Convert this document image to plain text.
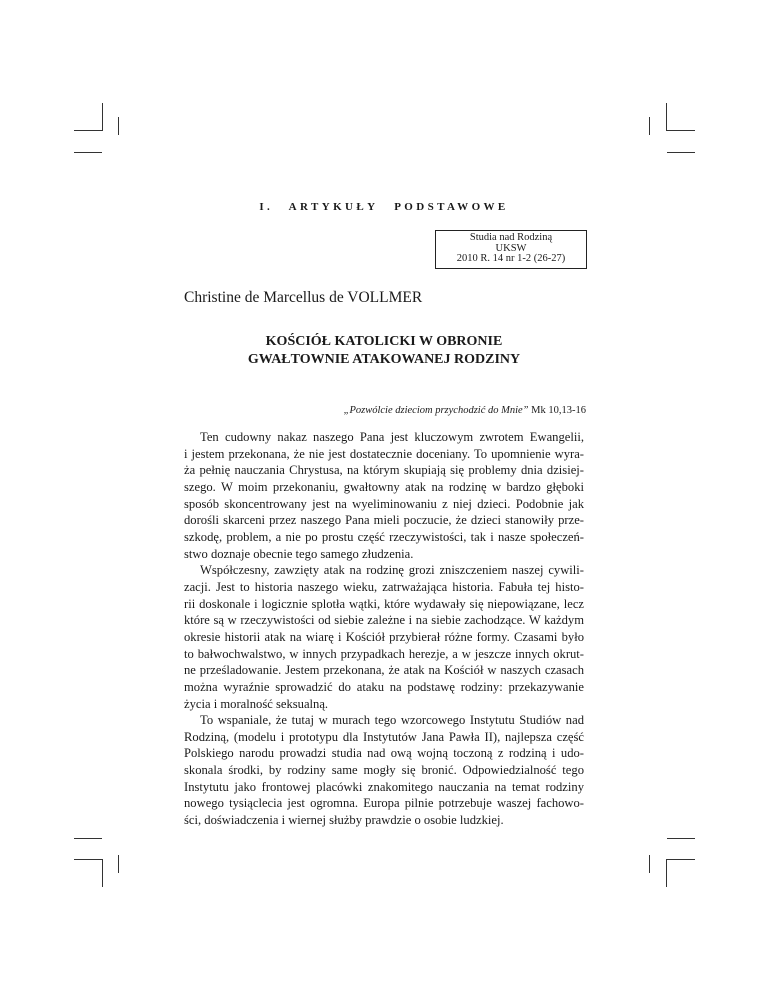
I. ARTYKUŁY PODSTAWOWE
Studia nad Rodziną
UKSW
2010 R. 14 nr 1-2 (26-27)
Christine de Marcellus de VOLLMER
KOŚCIÓŁ KATOLICKI W OBRONIE
GWAŁTOWNIE ATAKOWANEJ RODZINY
„Pozwólcie dzieciom przychodzić do Mnie” Mk 10,13-16

Ten cudowny nakaz naszego Pana jest kluczowym zwrotem Ewangelii,
i jestem przekonana, że nie jest dostatecznie doceniany. To upomnienie wyra-
ża pełnię nauczania Chrystusa, na którym skupiają się problemy dnia dzisiej-
szego. W moim przekonaniu, gwałtowny atak na rodzinę w bardzo głęboki
sposób skoncentrowany jest na wyeliminowaniu z niej dzieci. Podobnie jak
dorośli skarceni przez naszego Pana mieli poczucie, że dzieci stanowiły prze-
szkodę, problem, a nie po prostu część rzeczywistości, tak i nasze społeczeń-
stwo doznaje obecnie tego samego złudzenia.

Współczesny, zawzięty atak na rodzinę grozi zniszczeniem naszej cywili-
zacji. Jest to historia naszego wieku, zatrważająca historia. Fabuła tej histo-
rii doskonale i logicznie splotła wątki, które wydawały się niepowiązane, lecz
które są w rzeczywistości od siebie zależne i na siebie zachodzące. W każdym
okresie historii atak na wiarę i Kościół przybierał różne formy. Czasami było
to bałwochwalstwo, w innych przypadkach herezje, a w jeszcze innych okrut-
ne prześladowanie. Jestem przekonana, że atak na Kościół w naszych czasach
można wyraźnie sprowadzić do ataku na podstawę rodziny: przekazywanie
życia i moralność seksualną.

To wspaniale, że tutaj w murach tego wzorcowego Instytutu Studiów nad
Rodziną, (modelu i prototypu dla Instytutów Jana Pawła II), najlepsza część
Polskiego narodu prowadzi studia nad ową wojną toczoną z rodziną i udo-
skonala środki, by rodziny same mogły się bronić. Odpowiedzialność tego
Instytutu jako frontowej placówki znakomitego nauczania na temat rodziny
nowego tysiąclecia jest ogromna. Europa pilnie potrzebuje waszej fachowo-
ści, doświadczenia i wiernej służby prawdzie o osobie ludzkiej.
